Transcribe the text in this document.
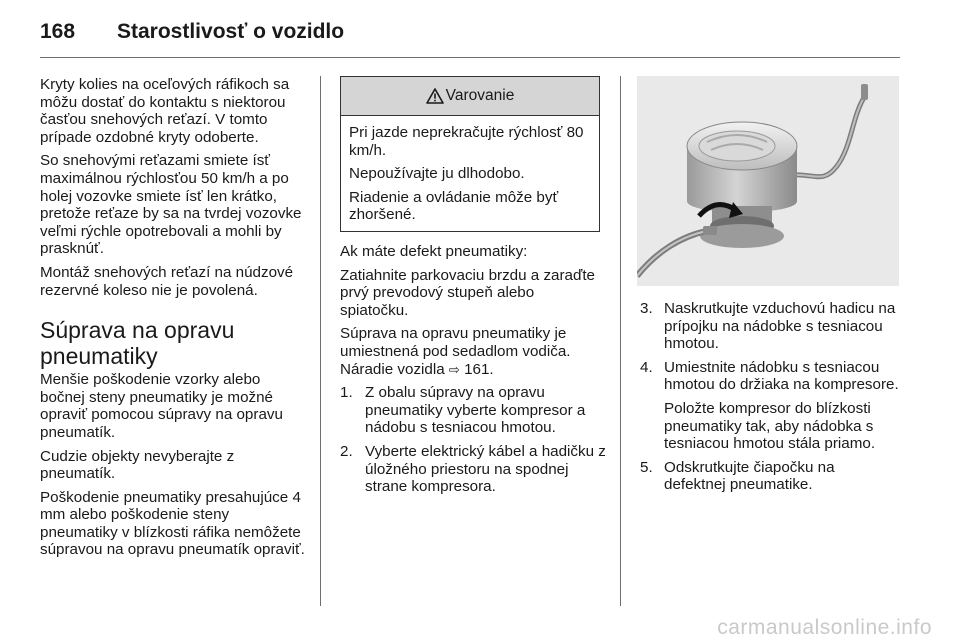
168 Starostlivosť o vozidlo

Kryty kolies na oceľových ráfikoch sa môžu dostať do kontaktu s niektorou časťou snehových reťazí. V tomto prípade ozdobné kryty odoberte.

So snehovými reťazami smiete ísť maximálnou rýchlosťou 50 km/h a po holej vozovke smiete ísť len krátko, pretože reťaze by sa na tvrdej vozovke veľmi rýchle opotrebovali a mohli by prasknúť.

Montáž snehových reťazí na núdzové rezervné koleso nie je povolená.

Súprava na opravu pneumatiky

Menšie poškodenie vzorky alebo bočnej steny pneumatiky je možné opraviť pomocou súpravy na opravu pneumatík.

Cudzie objekty nevyberajte z pneumatík.

Poškodenie pneumatiky presahujúce 4 mm alebo poškodenie steny pneumatiky v blízkosti ráfika nemôžete súpravou na opravu pneumatík opraviť.

Varovanie

Pri jazde neprekračujte rýchlosť 80 km/h.

Nepoužívajte ju dlhodobo.

Riadenie a ovládanie môže byť zhoršené.

Ak máte defekt pneumatiky:

Zatiahnite parkovaciu brzdu a zaraďte prvý prevodový stupeň alebo spiatočku.

Súprava na opravu pneumatiky je umiestnená pod sedadlom vodiča. Náradie vozidla ⇨ 161.

1. Z obalu súpravy na opravu pneumatiky vyberte kompresor a nádobu s tesniacou hmotou.
2. Vyberte elektrický kábel a hadičku z úložného priestoru na spodnej strane kompresora.
3. Naskrutkujte vzduchovú hadicu na prípojku na nádobke s tesniacou hmotou.
4. Umiestnite nádobku s tesniacou hmotou do držiaka na kompresore.

Položte kompresor do blízkosti pneumatiky tak, aby nádobka s tesniacou hmotou stála priamo.

5. Odskrutkujte čiapočku na defektnej pneumatike.
carmanualsonline.info
